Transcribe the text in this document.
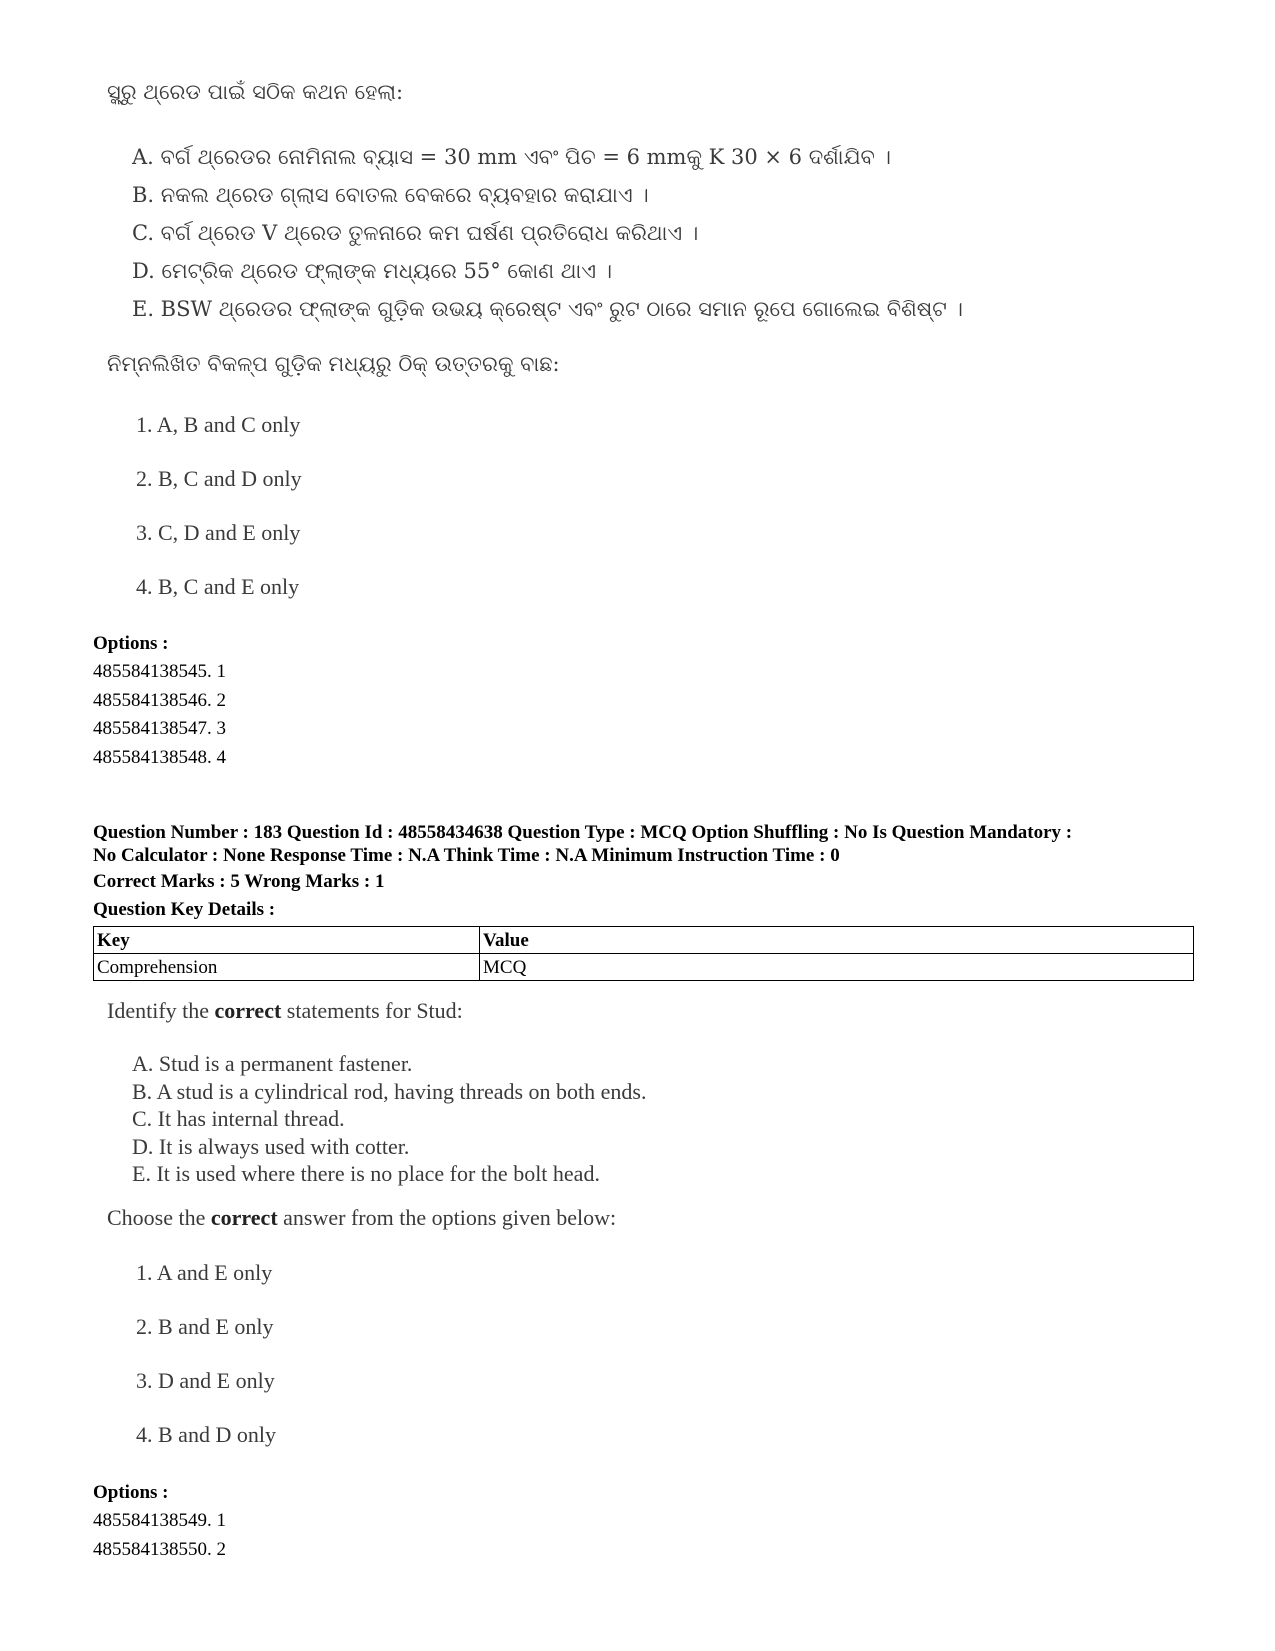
ସ୍କ୍ରୁ ଥ୍ରେଡ ପାଇଁ ସଠିକ କଥନ ହେଲା:
A. ବର୍ଗ ଥ୍ରେଡର ନୋମିନାଲ ବ୍ୟାସ = 30 mm ଏବଂ ପିଚ = 6 mmକୁ K 30 × 6 ଦର୍ଶାଯିବ ।
B. ନକଲ ଥ୍ରେଡ ଗ୍ଲାସ ବୋତଲ ବେକରେ ବ୍ୟବହାର କରାଯାଏ ।
C. ବର୍ଗ ଥ୍ରେଡ V ଥ୍ରେଡ ତୁଳନାରେ କମ ଘର୍ଷଣ ପ୍ରତିରୋଧ କରିଥାଏ ।
D. ମେଟ୍ରିକ ଥ୍ରେଡ ଫ୍ଲାଙ୍କ ମଧ୍ୟରେ 55° କୋଣ ଥାଏ ।
E. BSW ଥ୍ରେଡର ଫ୍ଲାଙ୍କ ଗୁଡ଼ିକ ଉଭୟ କ୍ରେଷ୍ଟ ଏବଂ ରୁଟ ଠାରେ ସମାନ ରୂପେ ଗୋଲେଇ ବିଶିଷ୍ଟ ।
ନିମ୍ନଲିଖିତ ବିକଳ୍ପ ଗୁଡ଼ିକ ମଧ୍ୟରୁ ଠିକ୍ ଉତ୍ତରକୁ ବାଛ:
1. A, B and C only
2. B, C and D only
3. C, D and E only
4. B, C and E only
Options :
485584138545. 1
485584138546. 2
485584138547. 3
485584138548. 4
Question Number : 183 Question Id : 48558434638 Question Type : MCQ Option Shuffling : No Is Question Mandatory :
No Calculator : None Response Time : N.A Think Time : N.A Minimum Instruction Time : 0
Correct Marks : 5 Wrong Marks : 1
Question Key Details :
Key	Value
Comprehension	MCQ
Identify the correct statements for Stud:
A. Stud is a permanent fastener.
B. A stud is a cylindrical rod, having threads on both ends.
C. It has internal thread.
D. It is always used with cotter.
E. It is used where there is no place for the bolt head.
Choose the correct answer from the options given below:
1. A and E only
2. B and E only
3. D and E only
4. B and D only
Options :
485584138549. 1
485584138550. 2
